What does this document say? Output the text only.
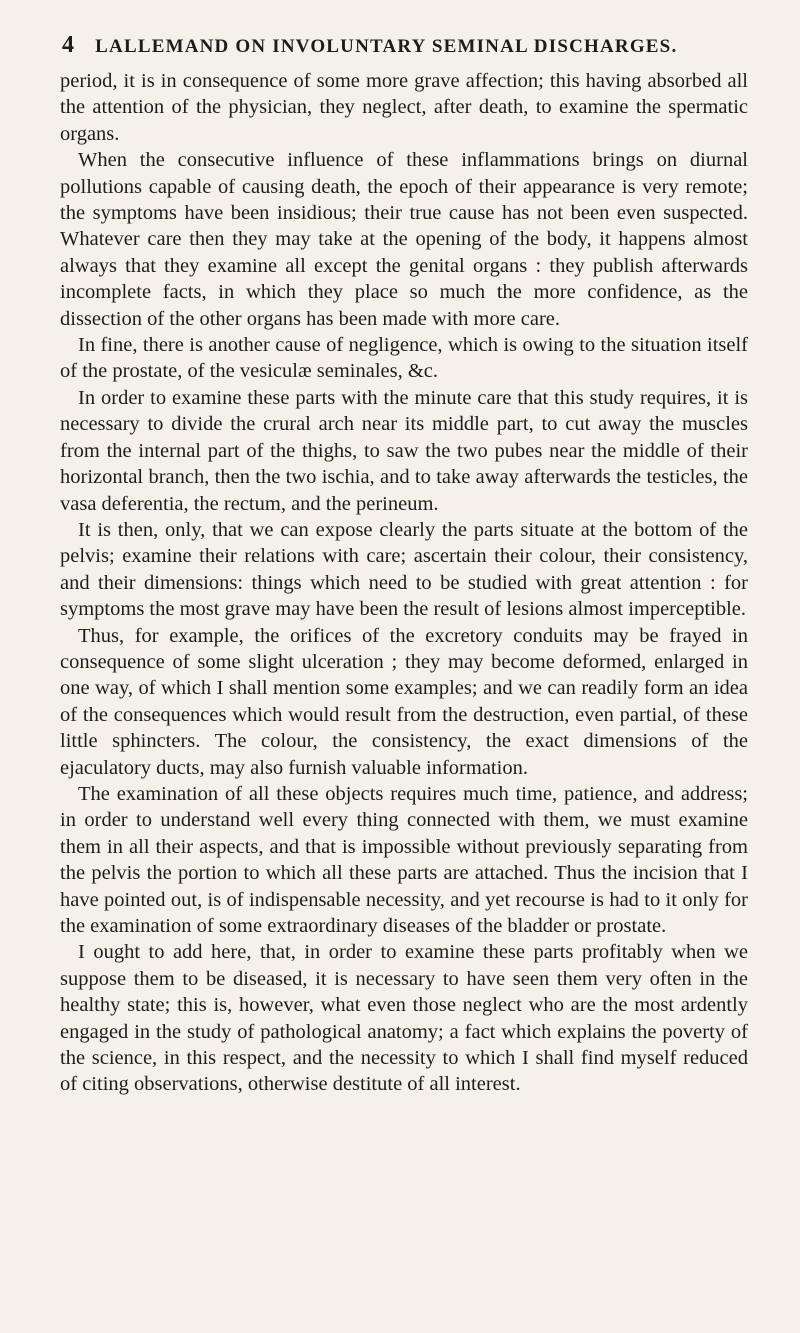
4 LALLEMAND ON INVOLUNTARY SEMINAL DISCHARGES.

period, it is in consequence of some more grave affection; this having absorbed all the attention of the physician, they neglect, after death, to examine the spermatic organs.

When the consecutive influence of these inflammations brings on diurnal pollutions capable of causing death, the epoch of their appearance is very remote; the symptoms have been insidious; their true cause has not been even suspected. Whatever care then they may take at the opening of the body, it happens almost always that they examine all except the genital organs : they publish afterwards incomplete facts, in which they place so much the more confidence, as the dissection of the other organs has been made with more care.

In fine, there is another cause of negligence, which is owing to the situation itself of the prostate, of the vesiculæ seminales, &c.

In order to examine these parts with the minute care that this study requires, it is necessary to divide the crural arch near its middle part, to cut away the muscles from the internal part of the thighs, to saw the two pubes near the middle of their horizontal branch, then the two ischia, and to take away afterwards the testicles, the vasa deferentia, the rectum, and the perineum.

It is then, only, that we can expose clearly the parts situate at the bottom of the pelvis; examine their relations with care; ascertain their colour, their consistency, and their dimensions: things which need to be studied with great attention : for symptoms the most grave may have been the result of lesions almost imperceptible.

Thus, for example, the orifices of the excretory conduits may be frayed in consequence of some slight ulceration ; they may become deformed, enlarged in one way, of which I shall mention some examples; and we can readily form an idea of the consequences which would result from the destruction, even partial, of these little sphincters. The colour, the consistency, the exact dimensions of the ejaculatory ducts, may also furnish valuable information.

The examination of all these objects requires much time, patience, and address; in order to understand well every thing connected with them, we must examine them in all their aspects, and that is impossible without previously separating from the pelvis the portion to which all these parts are attached. Thus the incision that I have pointed out, is of indispensable necessity, and yet recourse is had to it only for the examination of some extraordinary diseases of the bladder or prostate.

I ought to add here, that, in order to examine these parts profitably when we suppose them to be diseased, it is necessary to have seen them very often in the healthy state; this is, however, what even those neglect who are the most ardently engaged in the study of pathological anatomy; a fact which explains the poverty of the science, in this respect, and the necessity to which I shall find myself reduced of citing observations, otherwise destitute of all interest.
